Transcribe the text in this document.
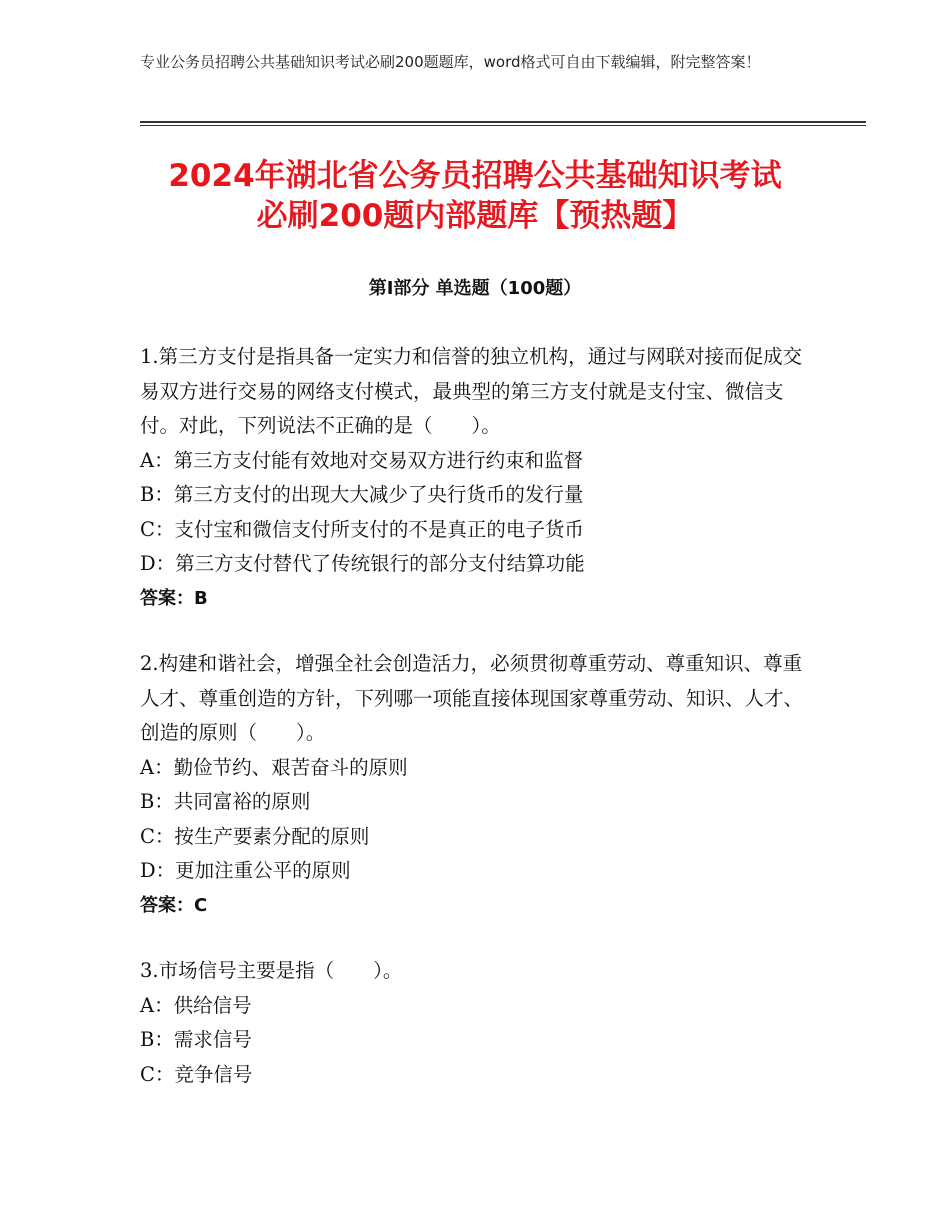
专业公务员招聘公共基础知识考试必刷200题题库，word格式可自由下载编辑，附完整答案！
2024年湖北省公务员招聘公共基础知识考试
必刷200题内部题库【预热题】
第Ⅰ部分 单选题（100题）
1.第三方支付是指具备一定实力和信誉的独立机构，通过与网联对接而促成交易双方进行交易的网络支付模式，最典型的第三方支付就是支付宝、微信支付。对此，下列说法不正确的是（　　）。
A：第三方支付能有效地对交易双方进行约束和监督
B：第三方支付的出现大大减少了央行货币的发行量
C：支付宝和微信支付所支付的不是真正的电子货币
D：第三方支付替代了传统银行的部分支付结算功能
答案：B
2.构建和谐社会，增强全社会创造活力，必须贯彻尊重劳动、尊重知识、尊重人才、尊重创造的方针，下列哪一项能直接体现国家尊重劳动、知识、人才、创造的原则（　　）。
A：勤俭节约、艰苦奋斗的原则
B：共同富裕的原则
C：按生产要素分配的原则
D：更加注重公平的原则
答案：C
3.市场信号主要是指（　　）。
A：供给信号
B：需求信号
C：竞争信号
